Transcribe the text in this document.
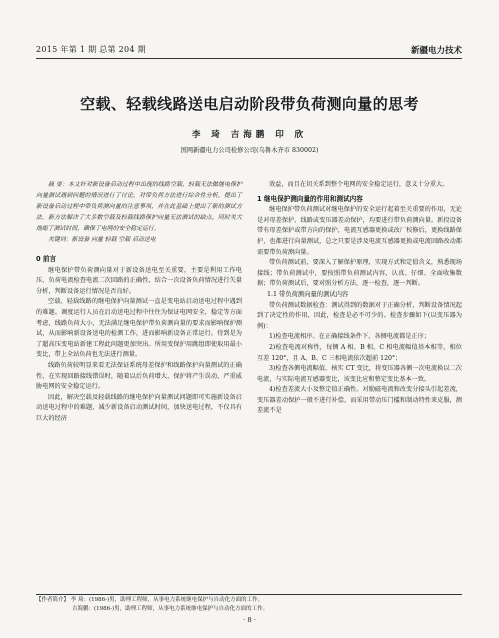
2015 年第 1 期 总第 204 期	新疆电力技术
空载、轻载线路送电启动阶段带负荷测向量的思考
李 琦 吉海鹏 印 欣
国网新疆电力公司检修公司(乌鲁木齐市 830002)

摘 要：本文针对新设备启动过程中出现的线路空载、轻载无法做继电保护向量测试遇到问题的情况进行了讨论，对带负荷方法进行综合性分析，提出了新设备启动过程中带负荷测向量的注意事项，并在此基础上提出了新的测试方法。新方法解决了大多数空载及轻载线路保护向量无法测试的缺点，同时关大地缩了测试时间，确保了电网的安全稳定运行。

关键词：新设备 向量 轻载 空载 启动送电

0 前言

继电保护带负荷测向量对于新设备送电至关重要，主要是利用工作电压、负荷电流检查电流二次回路的正确性，结合一次设备负荷情况进行矢量分析，判断设备运行情况是否良好。

空载、轻载线路的继电保护向量测试一直是变电站启动送电过程中遇到的难题。调度运行人员在启动送电过程中往往为保证电网安全，稳定等方面考虑，线路负荷大小，无法满足继电保护带负荷测向量的要求而影响保护测试，从而影响新设备送电的检测工作，进而影响新设备正常运行。待到是为了超高压变电站新建工程此问题更加突出。所用变保护用跳组即使取用最小变比，带上全站负荷也无法进行测量。

线路负荷较明显来看无法保证系统母差保护和线路保护向量测试的正确性，在实现回路接线错误时，随着以后负荷增大，保护将产生误动，严重威胁电网的安全稳定运行。

因此，解决空载及轻载线路的继电保护向量测试问题即可实施新设备启动送电过程中的难题，减少新设备启动测试时间，加快送电过程，不仅具有巨大的经济

效益，而且在切关系到整个电网的安全稳定运行，意义十分重大。

1 继电保护测向量的作用和测试内容

继电保护带负荷测试对继电保护的安全运行起着至关重要的作用，无论是对母差保护、线路或变压器差动保护，均要进行带负荷测向量。新投设备带有母差保护或带方向的保护，电流互感器更换或改厂校修后，更换线路保护，也都进行向量测试，总之只要是涉及电流互感器更换或电流回路改动都需要带负荷测向量。

带负荷测试前，要深入了解保护原理，实现方式和定值含义，熟悉现场接线；带负荷测试中，要按照带负荷测试内容，认真、仔细、全面收集数据；带负荷测试后，要对照分析方法，逐一检查，逐一判断。

1.1 带负荷测向量的测试内容

带负荷测试数据检查：测试得到的数据对于正确分析，判断设备情况起到了决定性的作用，因此，检查是必不可少的。检查步骤如下(以变压器为例)：

1)检查电流相序。在正确接线条件下，各侧电流都是正序；

2)检查电流对称性，每侧 A 相、B 相、C 相电流幅值基本相等，相位互差 120°，且 A、B、C 三相电流依次超前 120°；

3)检查各侧电流幅值，核实 CT 变比，将变压器各侧一次电流换以二次电流，与实际电流互感器变比，该变比应和整定变比基本一致。

4)检查差流大小及整定值正确性。对励磁电流和改变分接头引起差流，变压器差动保护一般不进行补偿，而采用带动压门槛和制动特性来克服，测差流不是

【作者简介】 李 琦：(1986-)男，助理工程师，从事电力系统继电保护与自动化方面的工作。
吉海鹏：(1986-)男，助理工程师，从事电力系统继电保护与自动化方面的工作。
· 8 ·
